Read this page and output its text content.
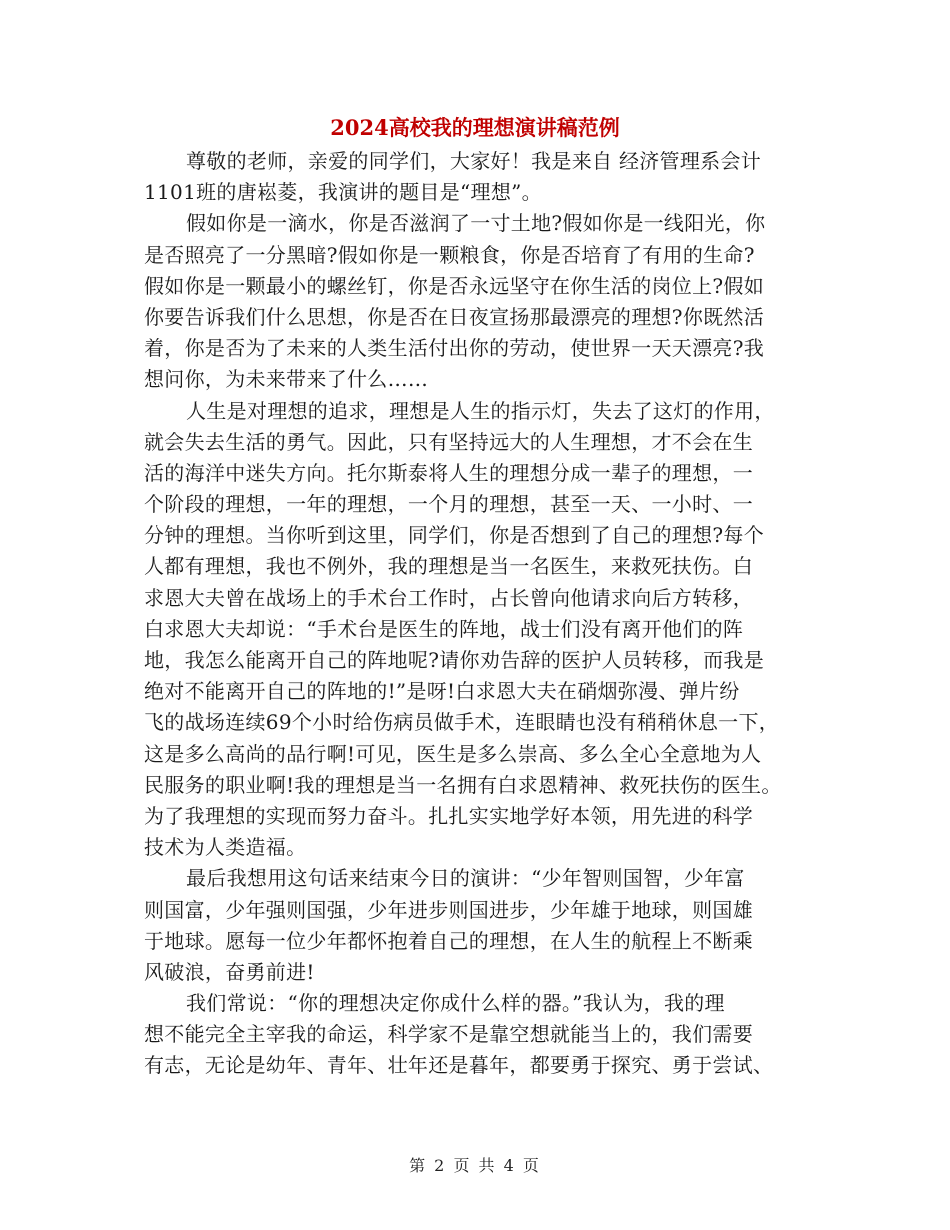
2024高校我的理想演讲稿范例
尊敬的老师，亲爱的同学们，大家好！我是来自 经济管理系会计
1101班的唐崧菱，我演讲的题目是“理想”。
假如你是一滴水，你是否滋润了一寸土地?假如你是一线阳光，你
是否照亮了一分黑暗?假如你是一颗粮食，你是否培育了有用的生命?
假如你是一颗最小的螺丝钉，你是否永远坚守在你生活的岗位上?假如
你要告诉我们什么思想，你是否在日夜宣扬那最漂亮的理想?你既然活
着，你是否为了未来的人类生活付出你的劳动，使世界一天天漂亮?我
想问你，为未来带来了什么……
人生是对理想的追求，理想是人生的指示灯，失去了这灯的作用，
就会失去生活的勇气。因此，只有坚持远大的人生理想，才不会在生
活的海洋中迷失方向。托尔斯泰将人生的理想分成一辈子的理想，一
个阶段的理想，一年的理想，一个月的理想，甚至一天、一小时、一
分钟的理想。当你听到这里，同学们，你是否想到了自己的理想?每个
人都有理想，我也不例外，我的理想是当一名医生，来救死扶伤。白
求恩大夫曾在战场上的手术台工作时，占长曾向他请求向后方转移，
白求恩大夫却说：“手术台是医生的阵地，战士们没有离开他们的阵
地，我怎么能离开自己的阵地呢?请你劝告辞的医护人员转移，而我是
绝对不能离开自己的阵地的!”是呀!白求恩大夫在硝烟弥漫、弹片纷
飞的战场连续69个小时给伤病员做手术，连眼睛也没有稍稍休息一下，
这是多么高尚的品行啊!可见，医生是多么崇高、多么全心全意地为人
民服务的职业啊!我的理想是当一名拥有白求恩精神、救死扶伤的医生。
为了我理想的实现而努力奋斗。扎扎实实地学好本领，用先进的科学
技术为人类造福。
最后我想用这句话来结束今日的演讲：“少年智则国智，少年富
则国富，少年强则国强，少年进步则国进步，少年雄于地球，则国雄
于地球。愿每一位少年都怀抱着自己的理想，在人生的航程上不断乘
风破浪，奋勇前进!
我们常说：“你的理想决定你成什么样的器。”我认为，我的理
想不能完全主宰我的命运，科学家不是靠空想就能当上的，我们需要
有志，无论是幼年、青年、壮年还是暮年，都要勇于探究、勇于尝试、
第 2 页 共 4 页
